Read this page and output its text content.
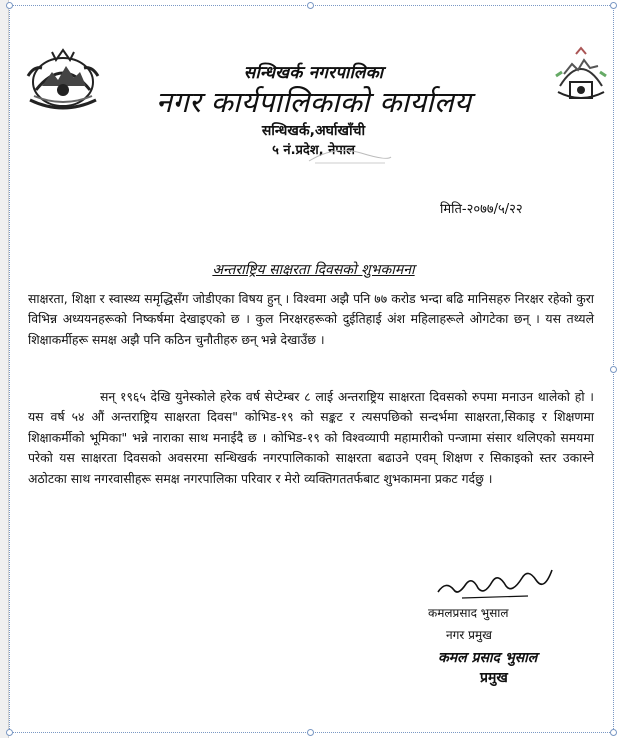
सन्धिखर्क नगरपालिका
नगर कार्यपालिकाको कार्यालय
सन्धिखर्क,अर्घाखाँची
५ नं.प्रदेश, नेपाल
मिति-२०७७/५/२२
अन्तराष्ट्रिय साक्षरता दिवसको शुभकामना
साक्षरता, शिक्षा र स्वास्थ्य समृद्धिसँग जोडीएका विषय हुन् । विश्वमा अझै पनि ७७ करोड भन्दा बढि मानिसहरु निरक्षर रहेको कुरा विभिन्न अध्ययनहरूको निष्कर्षमा देखाइएको छ । कुल निरक्षरहरूको दुईतिहाई अंश महिलाहरूले ओगटेका छन् । यस तथ्यले शिक्षाकर्मीहरू समक्ष अझै पनि कठिन चुनौतीहरु छन् भन्ने देखाउँछ ।
सन् १९६५ देखि युनेस्कोले हरेक वर्ष सेप्टेम्बर ८ लाई अन्तराष्ट्रिय साक्षरता दिवसको रुपमा मनाउन थालेको हो । यस वर्ष ५४ औं अन्तराष्ट्रिय साक्षरता दिवस" कोभिड-१९ को सङ्कट र त्यसपछिको सन्दर्भमा साक्षरता,सिकाइ र शिक्षणमा शिक्षाकर्मीको भूमिका" भन्ने नाराका साथ मनाईदै छ । कोभिड-१९ को विश्वव्यापी महामारीको पन्जामा संसार थलिएको समयमा परेको यस साक्षरता दिवसको अवसरमा सन्धिखर्क नगरपालिकाको साक्षरता बढाउने एवम् शिक्षण र सिकाइको स्तर उकास्ने अठोटका साथ नगरवासीहरू समक्ष नगरपालिका परिवार र मेरो व्यक्तिगततर्फबाट शुभकामना प्रकट गर्दछु ।
कमलप्रसाद भुसाल
नगर प्रमुख
कमल प्रसाद भुसाल
प्रमुख
